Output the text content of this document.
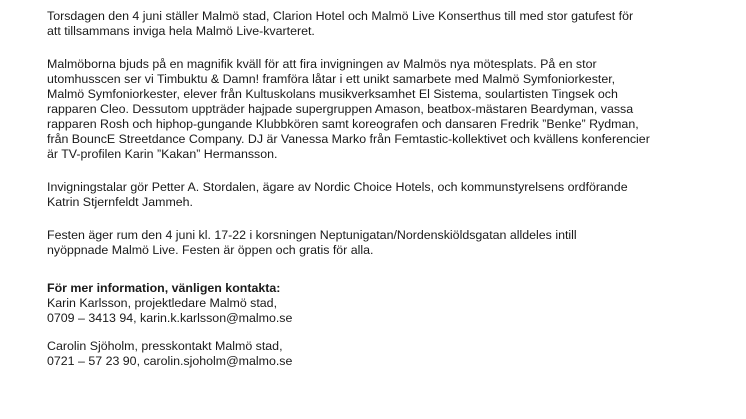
Torsdagen den 4 juni ställer Malmö stad, Clarion Hotel och Malmö Live Konserthus till med stor gatufest för
att tillsammans inviga hela Malmö Live-kvarteret.

Malmöborna bjuds på en magnifik kväll för att fira invigningen av Malmös nya mötesplats. På en stor
utomhusscen ser vi Timbuktu & Damn! framföra låtar i ett unikt samarbete med Malmö Symfoniorkester,
Malmö Symfoniorkester, elever från Kultuskolans musikverksamhet El Sistema, soulartisten Tingsek och
rapparen Cleo. Dessutom uppträder hajpade supergruppen Amason, beatbox-mästaren Beardyman, vassa
rapparen Rosh och hiphop-gungande Klubbkören samt koreografen och dansaren Fredrik ”Benke” Rydman,
från BouncE Streetdance Company. DJ är Vanessa Marko från Femtastic-kollektivet och kvällens konferencier
är TV-profilen Karin ”Kakan” Hermansson.

Invigningstalar gör Petter A. Stordalen, ägare av Nordic Choice Hotels, och kommunstyrelsens ordförande
Katrin Stjernfeldt Jammeh.

Festen äger rum den 4 juni kl. 17-22 i korsningen Neptunigatan/Nordenskiöldsgatan alldeles intill
nyöppnade Malmö Live. Festen är öppen och gratis för alla.

För mer information, vänligen kontakta:

Karin Karlsson, projektledare Malmö stad,
0709 – 3413 94, karin.k.karlsson@malmo.se

Carolin Sjöholm, presskontakt Malmö stad,
0721 – 57 23 90, carolin.sjoholm@malmo.se
